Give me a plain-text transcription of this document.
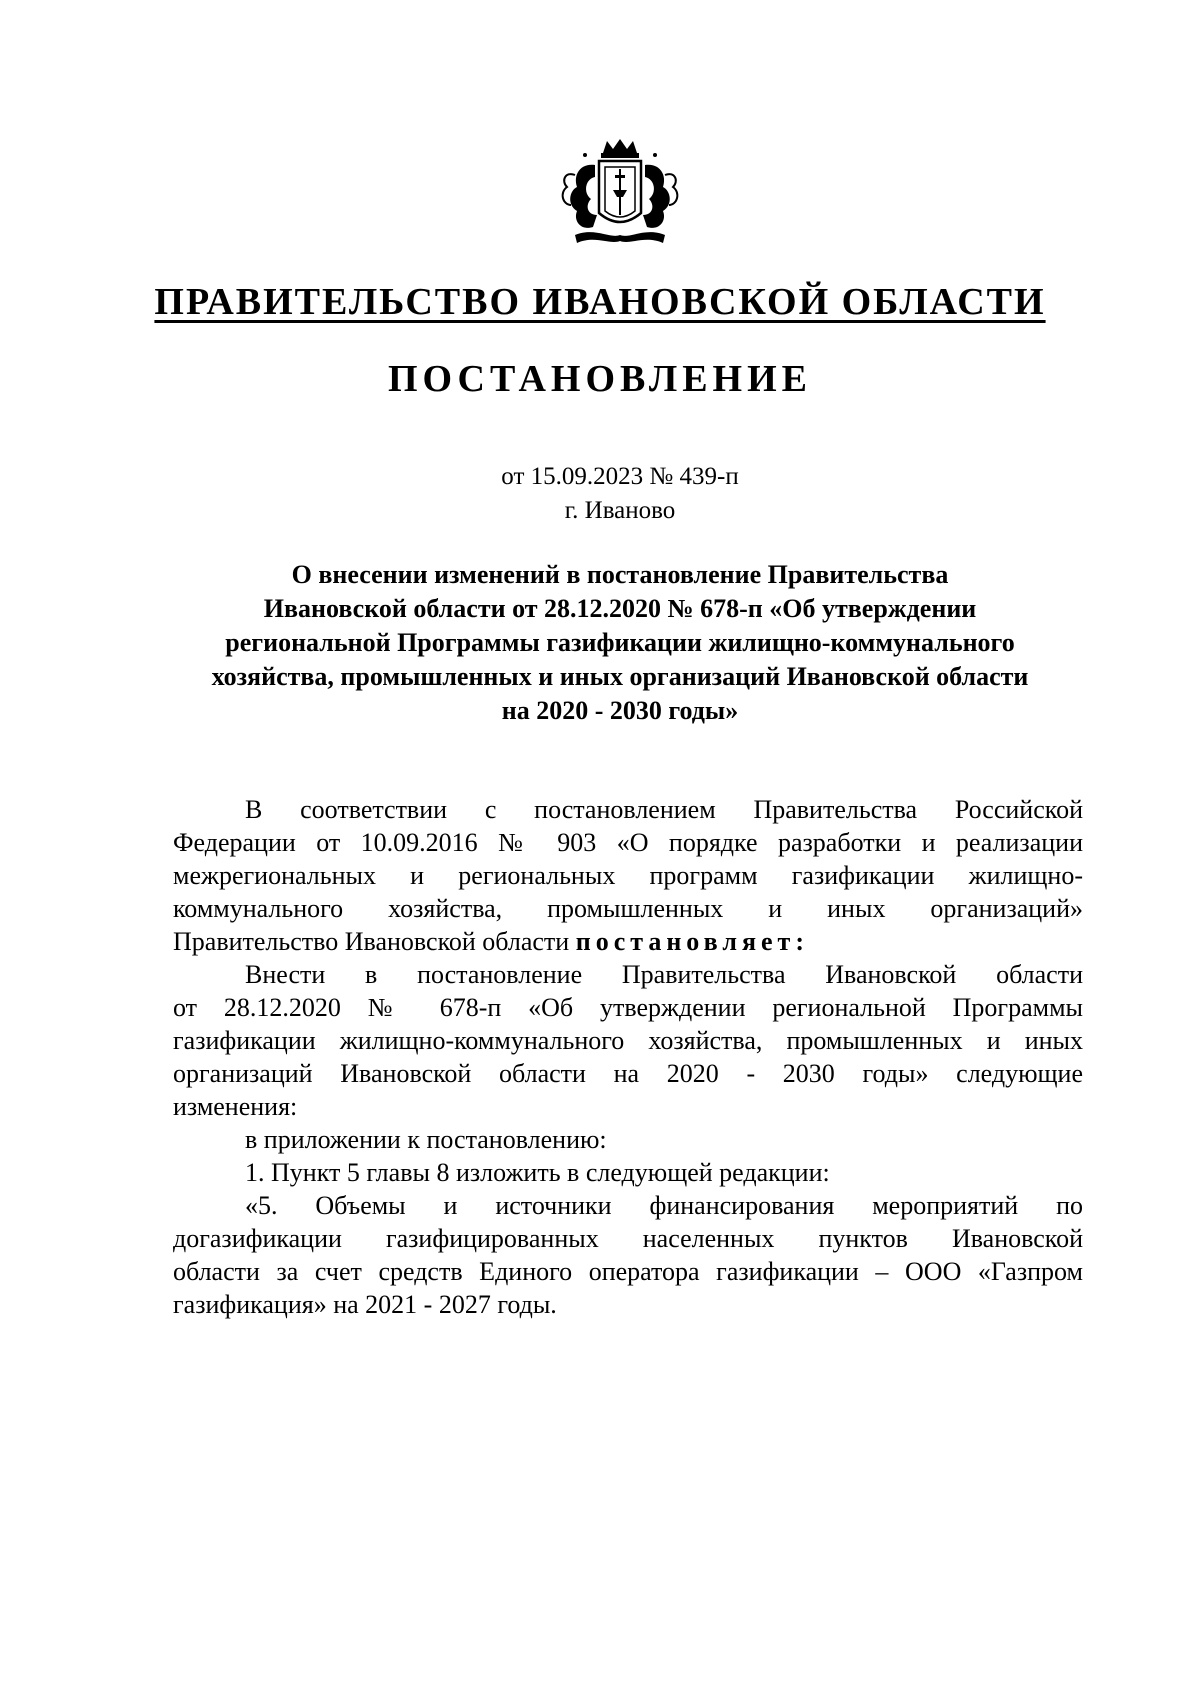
ПРАВИТЕЛЬСТВО ИВАНОВСКОЙ ОБЛАСТИ
ПОСТАНОВЛЕНИЕ
от 15.09.2023 № 439-п
г. Иваново
О внесении изменений в постановление Правительства
Ивановской области от 28.12.2020 № 678-п «Об утверждении
региональной Программы газификации жилищно-коммунального
хозяйства, промышленных и иных организаций Ивановской области
на 2020 - 2030 годы»
В соответствии с постановлением Правительства Российской
Федерации от 10.09.2016 № 903 «О порядке разработки и реализации
межрегиональных и региональных программ газификации жилищно-
коммунального хозяйства, промышленных и иных организаций»
Правительство Ивановской области постановляет:
Внести в постановление Правительства Ивановской области
от 28.12.2020 № 678-п «Об утверждении региональной Программы
газификации жилищно-коммунального хозяйства, промышленных и иных
организаций Ивановской области на 2020 - 2030 годы» следующие
изменения:
в приложении к постановлению:
1. Пункт 5 главы 8 изложить в следующей редакции:
«5. Объемы и источники финансирования мероприятий по
догазификации газифицированных населенных пунктов Ивановской
области за счет средств Единого оператора газификации – ООО «Газпром
газификация» на 2021 - 2027 годы.
